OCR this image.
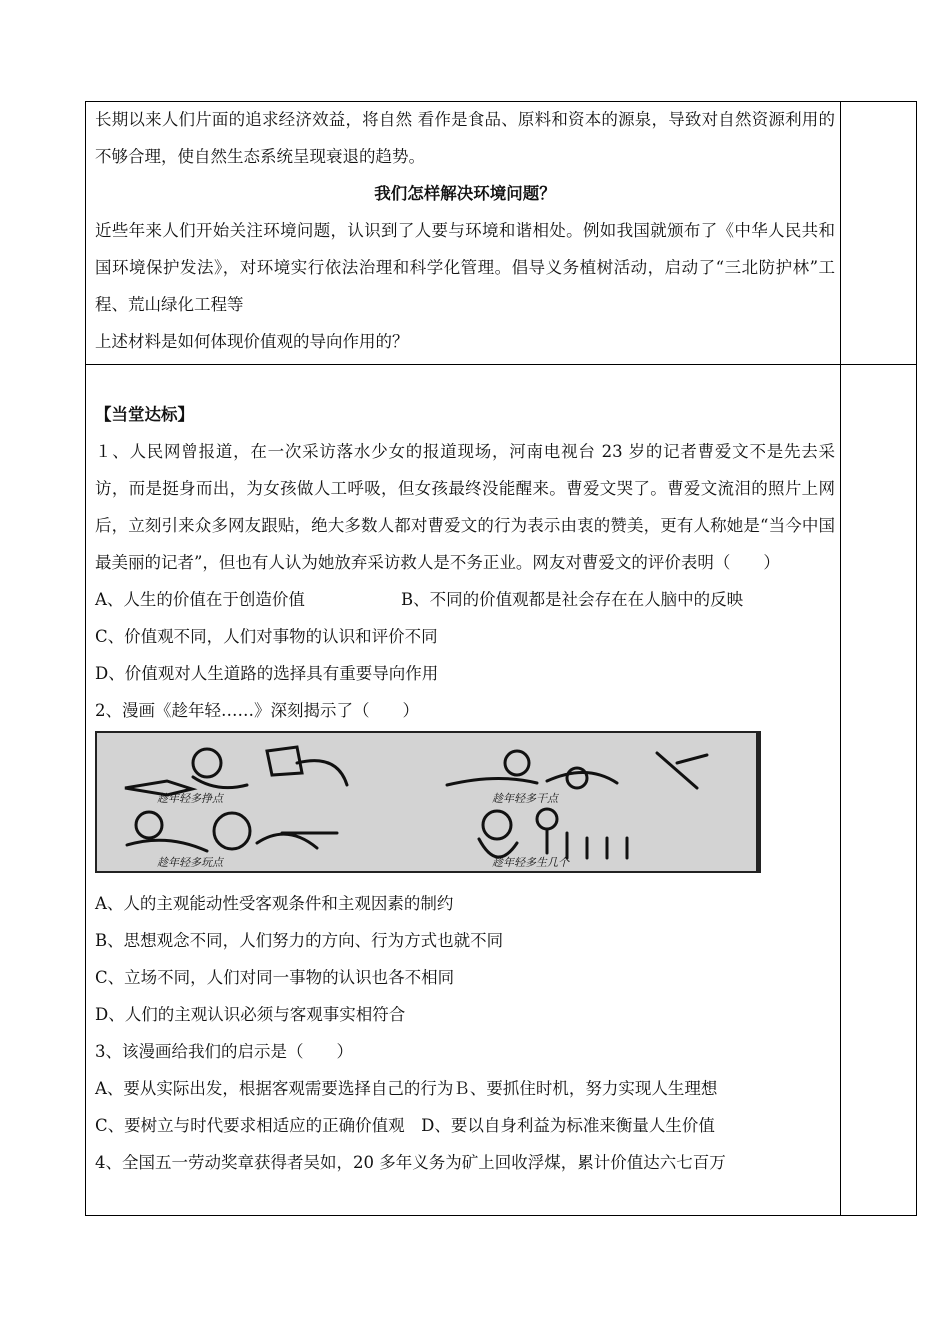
长期以来人们片面的追求经济效益，将自然 看作是食品、原料和资本的源泉，导致对自然资源利用的不够合理，使自然生态系统呈现衰退的趋势。

我们怎样解决环境问题？

近些年来人们开始关注环境问题，认识到了人要与环境和谐相处。例如我国就颁布了《中华人民共和国环境保护发法》，对环境实行依法治理和科学化管理。倡导义务植树活动，启动了“三北防护林”工程、荒山绿化工程等

上述材料是如何体现价值观的导向作用的？

【当堂达标】

１、人民网曾报道，在一次采访落水少女的报道现场，河南电视台 23 岁的记者曹爱文不是先去采访，而是挺身而出，为女孩做人工呼吸，但女孩最终没能醒来。曹爱文哭了。曹爱文流泪的照片上网后，立刻引来众多网友跟贴，绝大多数人都对曹爱文的行为表示由衷的赞美，更有人称她是“当今中国最美丽的记者”，但也有人认为她放弃采访救人是不务正业。网友对曹爱文的评价表明（　　）

A、人生的价值在于创造价值	B、不同的价值观都是社会存在在人脑中的反映

C、价值观不同，人们对事物的认识和评价不同

D、价值观对人生道路的选择具有重要导向作用

2、漫画《趁年轻……》深刻揭示了（　　）

趁年轻多挣点	趁年轻多干点
趁年轻多玩点	趁年轻多生几个

A、人的主观能动性受客观条件和主观因素的制约

B、思想观念不同，人们努力的方向、行为方式也就不同

C、立场不同，人们对同一事物的认识也各不相同

D、人们的主观认识必须与客观事实相符合

3、该漫画给我们的启示是（　　）

A、要从实际出发，根据客观需要选择自己的行为Ｂ、要抓住时机，努力实现人生理想

C、要树立与时代要求相适应的正确价值观　D、要以自身利益为标准来衡量人生价值

4、全国五一劳动奖章获得者吴如，20 多年义务为矿上回收浮煤，累计价值达六七百万
